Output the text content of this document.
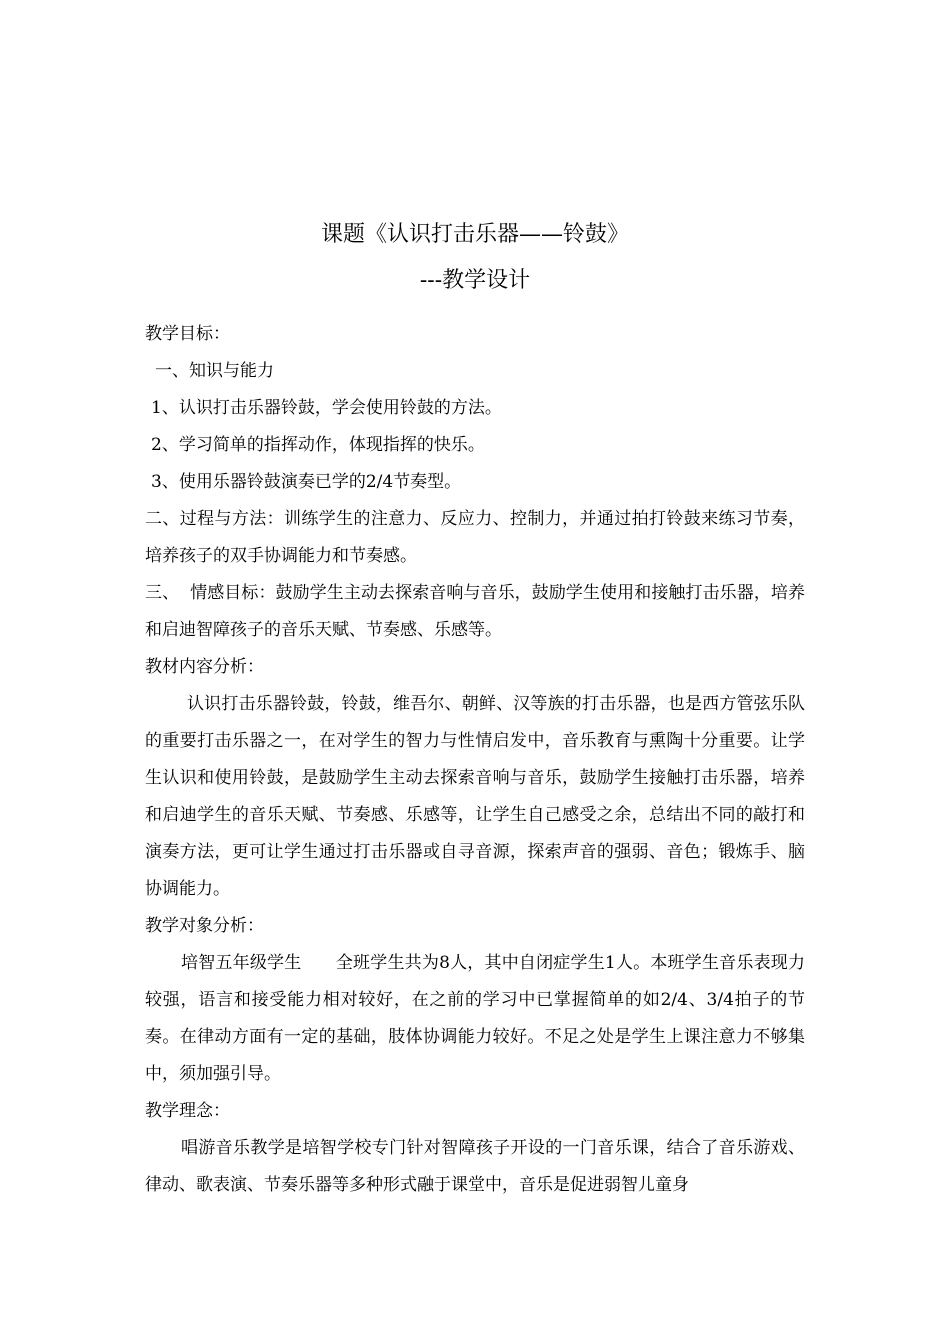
课题《认识打击乐器——铃鼓》
---教学设计

教学目标：

一、知识与能力

1、认识打击乐器铃鼓，学会使用铃鼓的方法。

2、学习简单的指挥动作，体现指挥的快乐。

3、使用乐器铃鼓演奏已学的2/4节奏型。

二、过程与方法：训练学生的注意力、反应力、控制力，并通过拍打铃鼓来练习节奏，培养孩子的双手协调能力和节奏感。

三、  情感目标：鼓励学生主动去探索音响与音乐，鼓励学生使用和接触打击乐器，培养和启迪智障孩子的音乐天赋、节奏感、乐感等。

教材内容分析：

认识打击乐器铃鼓，铃鼓，维吾尔、朝鲜、汉等族的打击乐器，也是西方管弦乐队的重要打击乐器之一，在对学生的智力与性情启发中，音乐教育与熏陶十分重要。让学生认识和使用铃鼓，是鼓励学生主动去探索音响与音乐，鼓励学生接触打击乐器，培养和启迪学生的音乐天赋、节奏感、乐感等，让学生自己感受之余，总结出不同的敲打和演奏方法，更可让学生通过打击乐器或自寻音源，探索声音的强弱、音色；锻炼手、脑协调能力。

教学对象分析：

培智五年级学生　　全班学生共为8人，其中自闭症学生1人。本班学生音乐表现力较强，语言和接受能力相对较好，在之前的学习中已掌握简单的如2/4、3/4拍子的节奏。在律动方面有一定的基础，肢体协调能力较好。不足之处是学生上课注意力不够集中，须加强引导。

教学理念：

唱游音乐教学是培智学校专门针对智障孩子开设的一门音乐课，结合了音乐游戏、律动、歌表演、节奏乐器等多种形式融于课堂中，音乐是促进弱智儿童身
